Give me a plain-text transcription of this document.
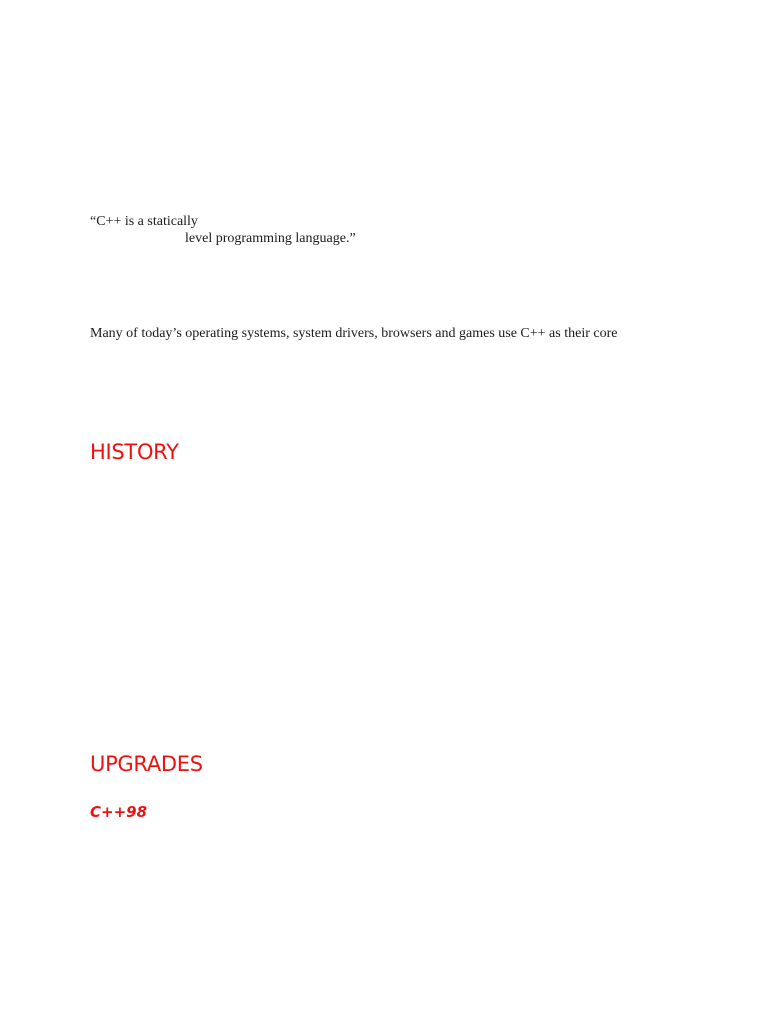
“C++ is a statically
level programming language.”
Many of today’s operating systems, system drivers, browsers and games use C++ as their core
HISTORY
UPGRADES
C++98
